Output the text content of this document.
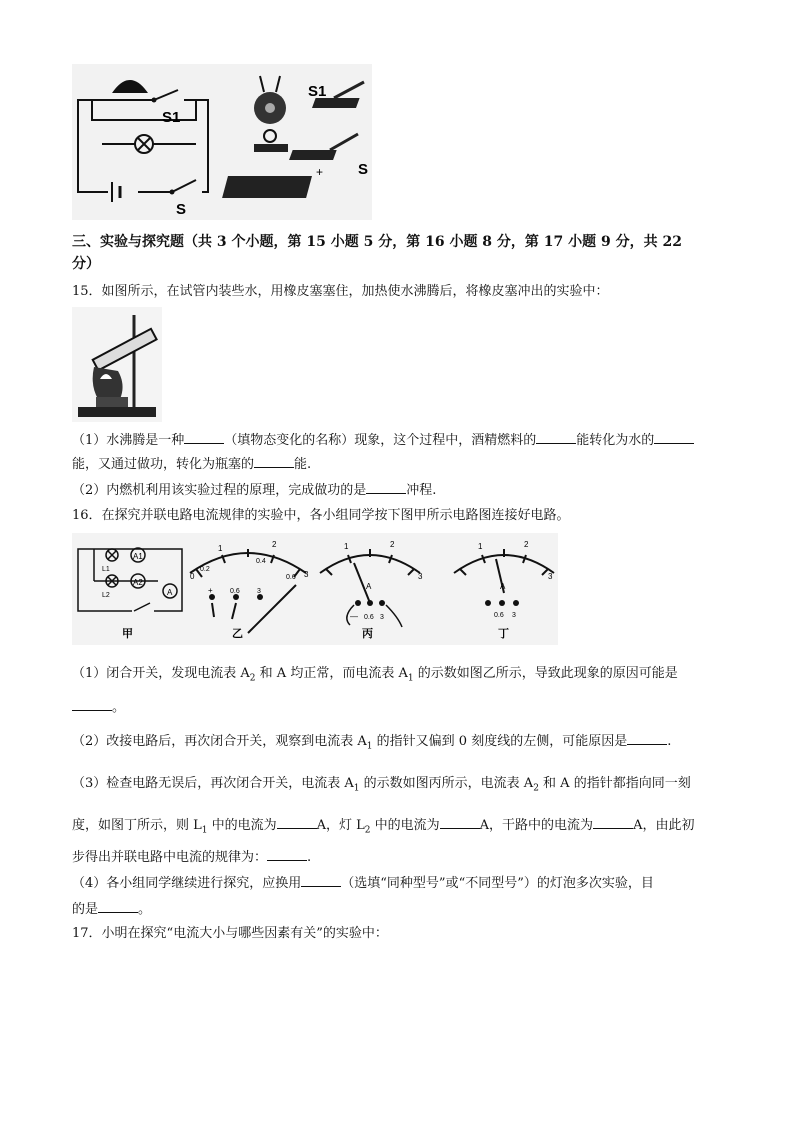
S1
S
S1
S
+
三、实验与探究题（共 3 个小题，第 15 小题 5 分，第 16 小题 8 分，第 17 小题 9 分，共 22
分）
15．如图所示，在试管内装些水，用橡皮塞塞住，加热使水沸腾后，将橡皮塞冲出的实验中：
（1）水沸腾是一种	（填物态变化的名称）现象，这个过程中，酒精燃料的	能转化为水的
能，又通过做功，转化为瓶塞的	能.
（2）内燃机利用该实验过程的原理，完成做功的是	冲程.
16．在探究并联电路电流规律的实验中，各小组同学按下图甲所示电路图连接好电路。
A1
A2
A
L1
L2
甲
0
1	2
3
0.2
0.4
0.6
+ 0.6 3
乙
1	2
3
A
— 0.6 3
丙
1	2
3
A
0.6 3
丁
（1）闭合开关，发现电流表 $A_2$ 和 A 均正常，而电流表 $A_1$ 的示数如图乙所示，导致此现象的原因可能是
。
（2）改接电路后，再次闭合开关，观察到电流表 $A_1$ 的指针又偏到 0 刻度线的左侧，可能原因是	.
（3）检查电路无误后，再次闭合开关，电流表 $A_1$ 的示数如图丙所示，电流表 $A_2$ 和 A 的指针都指向同一刻
度，如图丁所示，则 $L_1$ 中的电流为	A，灯 $L_2$ 中的电流为	A，干路中的电流为	A，由此初
步得出并联电路中电流的规律为：	.
（4）各小组同学继续进行探究，应换用	（选填“同种型号”或“不同型号”）的灯泡多次实验，目
的是	。
17．小明在探究“电流大小与哪些因素有关”的实验中：
